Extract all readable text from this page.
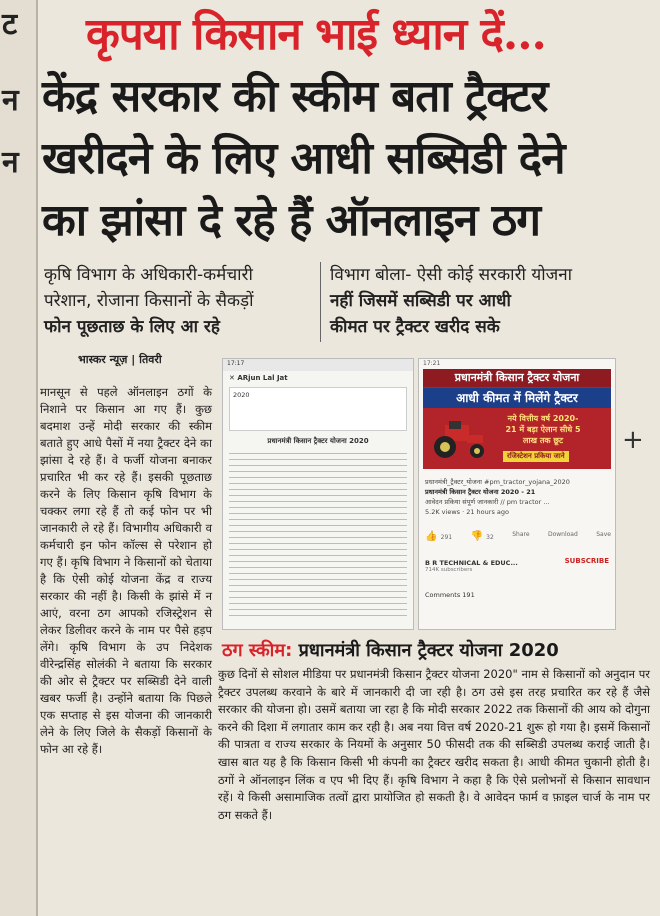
ट
न
न
कृपया किसान भाई ध्यान दें...
केंद्र सरकार की स्कीम बता ट्रैक्टर
खरीदने के लिए आधी सब्सिडी देने
का झांसा दे रहे हैं ऑनलाइन ठग
कृषि विभाग के अधिकारी-कर्मचारी
परेशान, रोजाना किसानों के सैकड़ों
फोन पूछताछ के लिए आ रहे
विभाग बोला- ऐसी कोई सरकारी योजना
नहीं जिसमें सब्सिडी पर आधी
कीमत पर ट्रैक्टर खरीद सके
भास्कर न्यूज़ | तिवरी
मानसून से पहले ऑनलाइन ठगों के निशाने पर किसान आ गए हैं। कुछ बदमाश उन्हें मोदी सरकार की स्कीम बताते हुए आधे पैसों में नया ट्रैक्टर देने का झांसा दे रहे हैं। वे फर्जी योजना बनाकर प्रचारित भी कर रहे हैं। इसकी पूछताछ करने के लिए किसान कृषि विभाग के चक्कर लगा रहे हैं तो कई फोन पर भी जानकारी ले रहे हैं। विभागीय अधिकारी व कर्मचारी इन फोन कॉल्स से परेशान हो गए हैं। कृषि विभाग ने किसानों को चेताया है कि ऐसी कोई योजना केंद्र व राज्य सरकार की नहीं है। किसी के झांसे में न आएं, वरना ठग आपको रजिस्ट्रेशन से लेकर डिलीवर करने के नाम पर पैसे हड़प लेंगे। कृषि विभाग के उप निदेशक वीरेन्द्रसिंह सोलंकी ने बताया कि सरकार की ओर से ट्रैक्टर पर सब्सिडी देने वाली खबर फर्जी है। उन्होंने बताया कि पिछले एक सप्ताह से इस योजना की जानकारी लेने के लिए जिले के सैकड़ों किसानों के फोन आ रहे हैं।
17:17
✕ ARjun Lal Jat
2020
प्रधानमंत्री किसान ट्रैक्टर योजना 2020
17:21
प्रधानमंत्री किसान ट्रैक्टर योजना
आधी कीमत में मिलेंगे ट्रैक्टर
नये वित्तीय वर्ष 2020-21 में बड़ा ऐलान सीधे 5 लाख तक छूट
रजिस्टेशन प्रकिया जाने
प्रधानमंत्री_ट्रैक्टर_योजना #pm_tractor_yojana_2020
प्रधानमंत्री किसान ट्रैक्टर योजना 2020 - 21
आवेदन प्रकिया संपूर्ण जानकारी // pm tractor ...
5.2K views · 21 hours ago
👍 291 👎 32	Share	Download	Save
B R TECHNICAL & EDUC...
714K subscribers
SUBSCRIBE
Comments 191
+
ठग स्कीम: प्रधानमंत्री किसान ट्रैक्टर योजना 2020
कुछ दिनों से सोशल मीडिया पर प्रधानमंत्री किसान ट्रैक्टर योजना 2020" नाम से किसानों को अनुदान पर ट्रैक्टर उपलब्ध करवाने के बारे में जानकारी दी जा रही है। ठग उसे इस तरह प्रचारित कर रहे हैं जैसे सरकार की योजना हो। उसमें बताया जा रहा है कि मोदी सरकार 2022 तक किसानों की आय को दोगुना करने की दिशा में लगातार काम कर रही है। अब नया वित्त वर्ष 2020-21 शुरू हो गया है। इसमें किसानों की पात्रता व राज्य सरकार के नियमों के अनुसार 50 फीसदी तक की सब्सिडी उपलब्ध कराई जाती है। खास बात यह है कि किसान किसी भी कंपनी का ट्रैक्टर खरीद सकता है। आधी कीमत चुकानी होती है। ठगों ने ऑनलाइन लिंक व एप भी दिए हैं। कृषि विभाग ने कहा है कि ऐसे प्रलोभनों से किसान सावधान रहें। ये किसी असामाजिक तत्वों द्वारा प्रायोजित हो सकती है। वे आवेदन फार्म व फ़ाइल चार्ज के नाम पर ठग सकते हैं।
